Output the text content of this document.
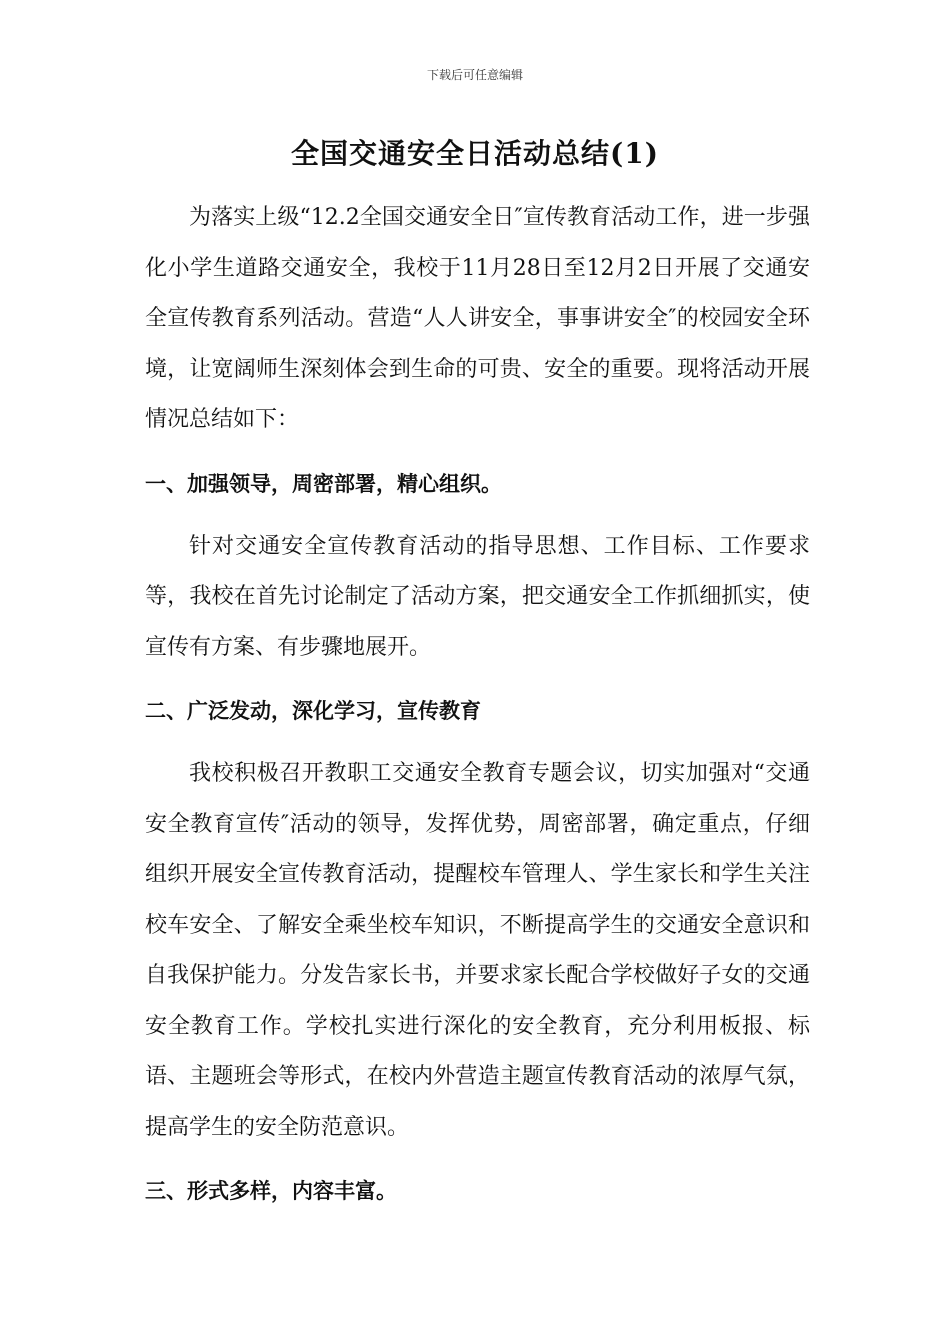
下载后可任意编辑
全国交通安全日活动总结(1)

为落实上级“12.2全国交通安全日″宣传教育活动工作，进一步强化小学生道路交通安全，我校于11月28日至12月2日开展了交通安全宣传教育系列活动。营造“人人讲安全，事事讲安全″的校园安全环境，让宽阔师生深刻体会到生命的可贵、安全的重要。现将活动开展情况总结如下：

一、加强领导，周密部署，精心组织。

针对交通安全宣传教育活动的指导思想、工作目标、工作要求等，我校在首先讨论制定了活动方案，把交通安全工作抓细抓实，使宣传有方案、有步骤地展开。

二、广泛发动，深化学习，宣传教育

我校积极召开教职工交通安全教育专题会议，切实加强对“交通安全教育宣传″活动的领导，发挥优势，周密部署，确定重点，仔细组织开展安全宣传教育活动，提醒校车管理人、学生家长和学生关注校车安全、了解安全乘坐校车知识，不断提高学生的交通安全意识和自我保护能力。分发告家长书，并要求家长配合学校做好子女的交通安全教育工作。学校扎实进行深化的安全教育，充分利用板报、标语、主题班会等形式，在校内外营造主题宣传教育活动的浓厚气氛，提高学生的安全防范意识。

三、形式多样，内容丰富。
